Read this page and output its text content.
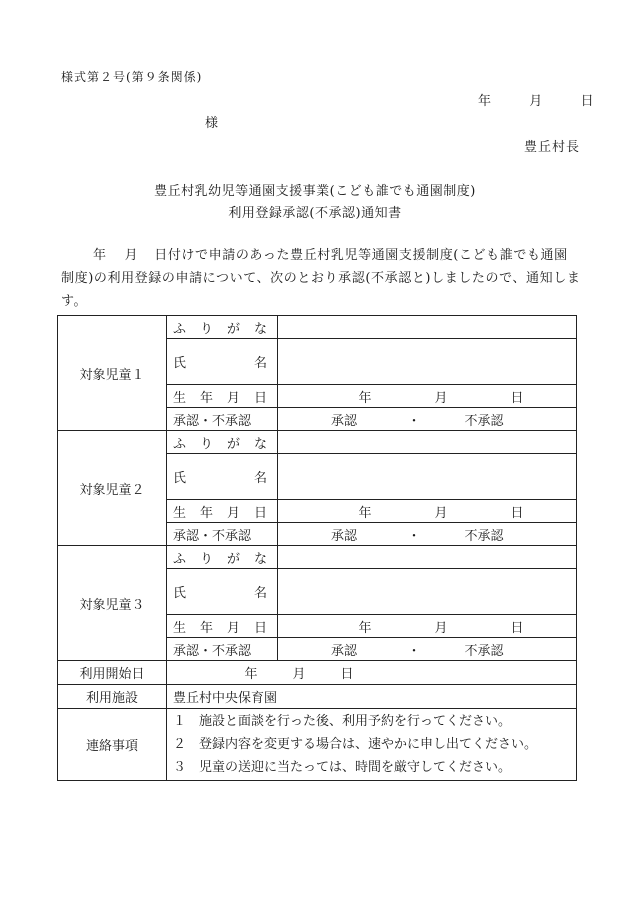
様式第２号(第９条関係)
年	月	日
様
豊丘村長
豊丘村乳幼児等通園支援事業(こども誰でも通園制度)
利用登録承認(不承認)通知書
年 月 日付けで申請のあった豊丘村乳児等通園支援制度(こども誰でも通園制度)の利用登録の申請について、次のとおり承認(不承認と)しましたので、通知します。
対象児童１	ふ り が な	

	氏 名	

	生 年 月 日	年 月 日

	承認・不承認	承認 ・ 不承認

対象児童２	ふ り が な	

	氏 名	

	生 年 月 日	年 月 日

	承認・不承認	承認 ・ 不承認

対象児童３	ふ り が な	

	氏 名	

	生 年 月 日	年 月 日

	承認・不承認	承認 ・ 不承認

利用開始日	年 月 日	

利用施設	豊丘村中央保育園	
連絡事項	１　施設と面談を行った後、利用予約を行ってください。
２　登録内容を変更する場合は、速やかに申し出てください。
３　児童の送迎に当たっては、時間を厳守してください。	
